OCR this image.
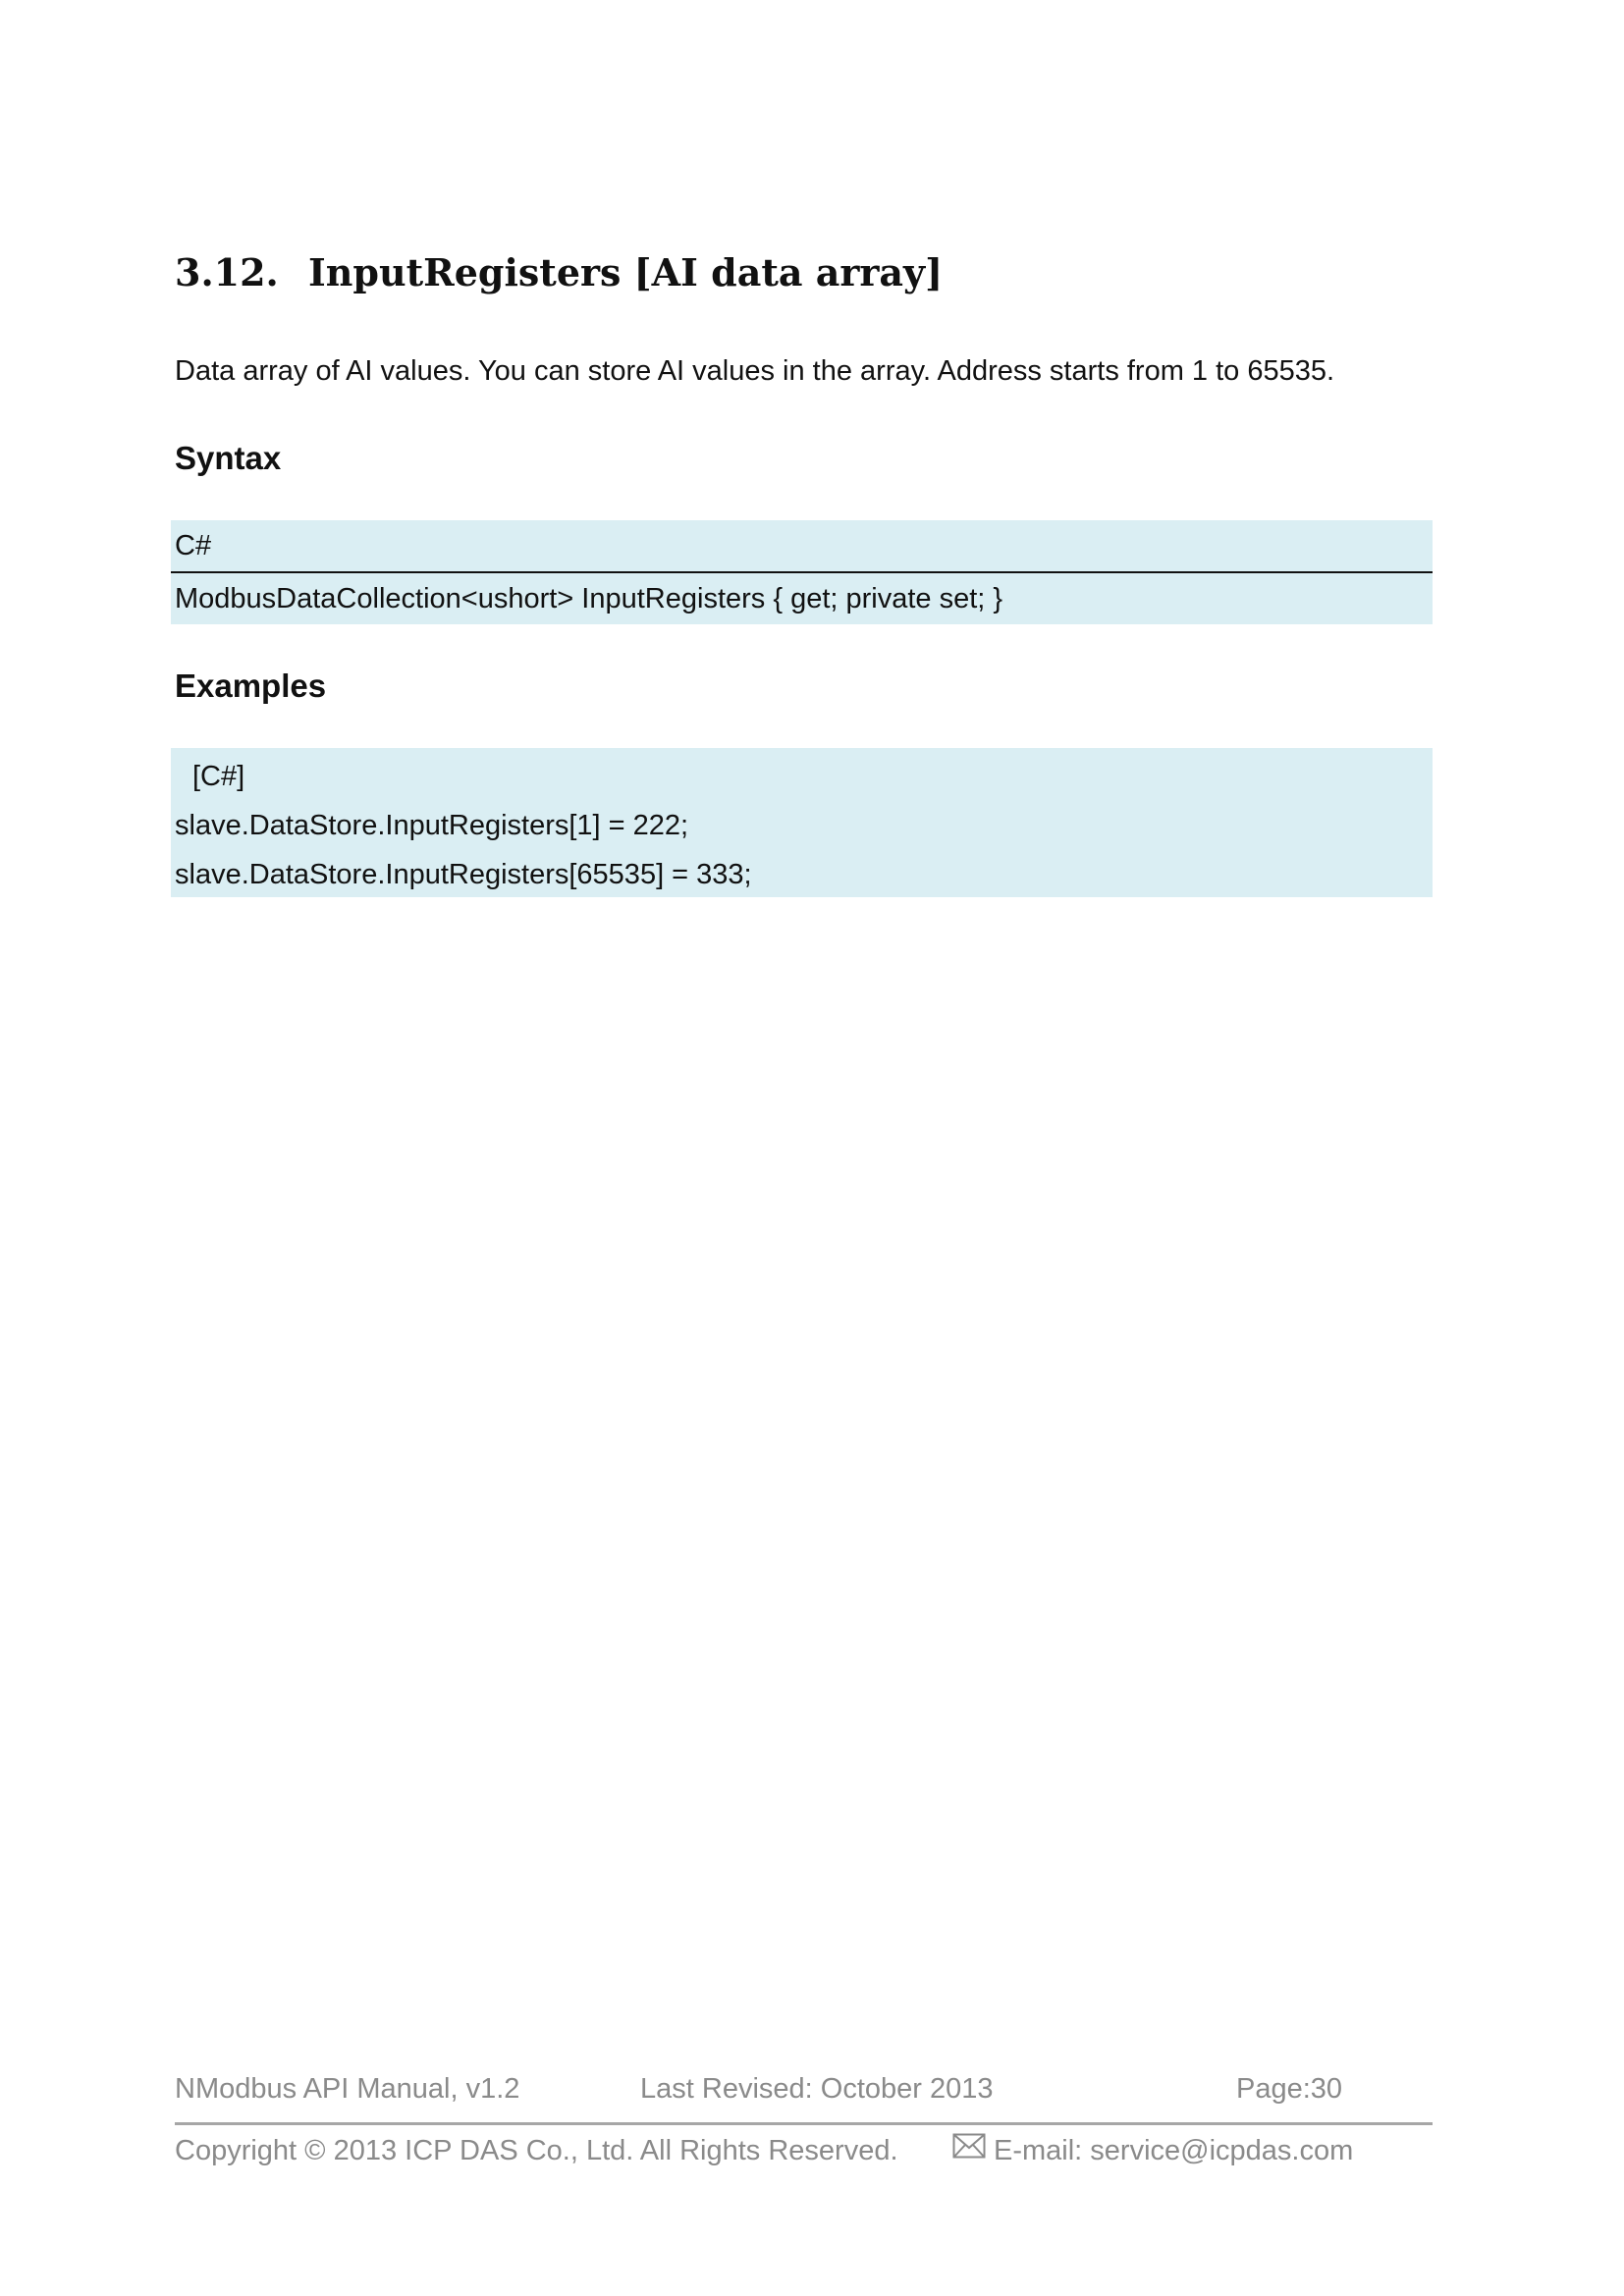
3.12. InputRegisters [AI data array]

Data array of AI values. You can store AI values in the array. Address starts from 1 to 65535.

Syntax
C#
ModbusDataCollection<ushort> InputRegisters { get; private set; }
Examples
[C#]
slave.DataStore.InputRegisters[1] = 222;
slave.DataStore.InputRegisters[65535] = 333;
NModbus API Manual, v1.2	Last Revised: October 2013	Page:30
Copyright © 2013 ICP DAS Co., Ltd. All Rights Reserved.	E-mail: service@icpdas.com
